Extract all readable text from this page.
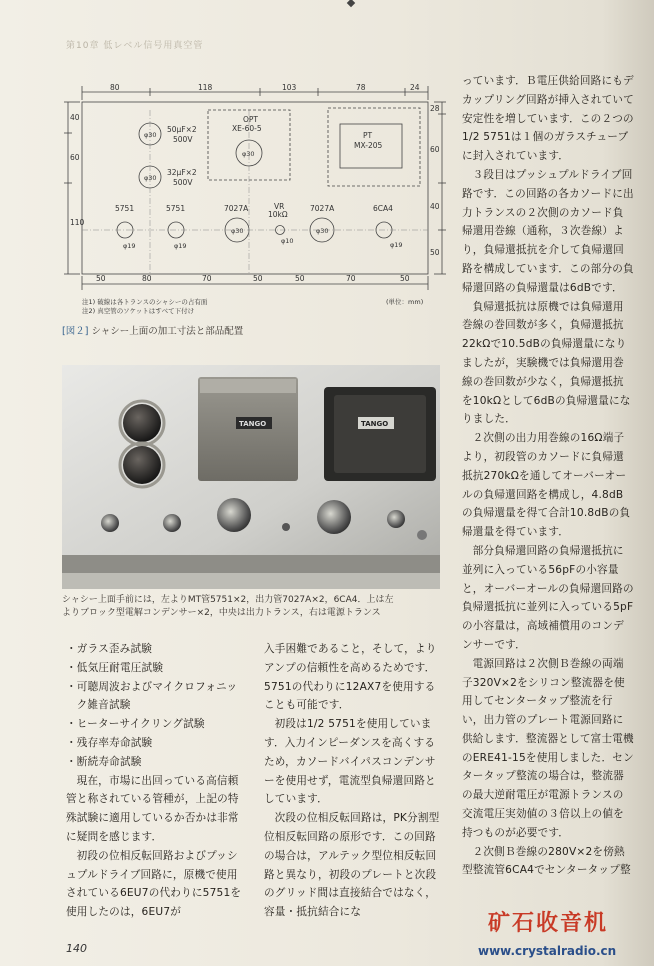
第10章 低レベル信号用真空管
80	118	103	78	24
50	80	70	50	50	70	50
40
60
110
28
60
40
50
OPT
XE-60-5
PT
MX-205
50μF×2
500V
32μF×2
500V
5751	5751	7027A	VR
10kΩ
7027A	6CA4
φ30
φ30
φ30
φ19	φ19
φ30
φ10
φ30
φ19
注1) 破線は各トランスのシャシーの占有面
注2) 真空管のソケットはすべて下付け
(単位：mm)
[図２] シャシー上面の加工寸法と部品配置
TANGO	TANGO
シャシー上面手前には，左よりMT管5751×2，出力管7027A×2，6CA4．上は左
よりブロック型電解コンデンサー×2，中央は出力トランス，右は電源トランス
・ガラス歪み試験
・低気圧耐電圧試験
・可聴周波およびマイクロフォニック雑音試験
・ヒーターサイクリング試験
・残存率寿命試験
・断続寿命試験

現在，市場に出回っている高信頼管と称されている管種が，上記の特殊試験に適用しているか否かは非常に疑問を感じます．

初段の位相反転回路およびプッシュプルドライブ回路に，原機で使用されている6EU7の代わりに5751を使用したのは，6EU7が

入手困難であること，そして，よりアンプの信頼性を高めるためです．5751の代わりに12AX7を使用することも可能です．

初段は1/2 5751を使用しています．入力インピーダンスを高くするため，カソードバイパスコンデンサーを使用せず，電流型負帰還回路としています．

次段の位相反転回路は，PK分割型位相反転回路の原形です．この回路の場合は，アルテック型位相反転回路と異なり，初段のプレートと次段のグリッド間は直接結合ではなく，容量・抵抗結合にな

っています．Ｂ電圧供給回路にもデカップリング回路が挿入されていて安定性を増しています．この２つの1/2 5751は１個のガラスチューブに封入されています．

３段目はプッシュプルドライブ回路です．この回路の各カソードに出力トランスの２次側のカソード負帰還用巻線（通称，３次巻線）より，負帰還抵抗を介して負帰還回路を構成しています．この部分の負帰還回路の負帰還量は6dBです．

負帰還抵抗は原機では負帰還用巻線の巻回数が多く，負帰還抵抗22kΩで10.5dBの負帰還量になりましたが，実験機では負帰還用巻線の巻回数が少なく，負帰還抵抗を10kΩとして6dBの負帰還量になりました．

２次側の出力用巻線の16Ω端子より，初段管のカソードに負帰還抵抗270kΩを通してオーバーオールの負帰還回路を構成し，4.8dBの負帰還量を得て合計10.8dBの負帰還量を得ています．

部分負帰還回路の負帰還抵抗に並列に入っている56pFの小容量と，オーバーオールの負帰還回路の負帰還抵抗に並列に入っている5pFの小容量は，高域補償用のコンデンサーです．

電源回路は２次側Ｂ巻線の両端子320V×2をシリコン整流器を使用してセンタータップ整流を行い，出力管のプレート電源回路に供給します．整流器として富士電機のERE41-15を使用しました．センタータップ整流の場合は，整流器の最大逆耐電圧が電源トランスの交流電圧実効値の３倍以上の値を持つものが必要です．

２次側Ｂ巻線の280V×2を傍熱型整流管6CA4でセンタータップ整

140
矿石收音机
www.crystalradio.cn
